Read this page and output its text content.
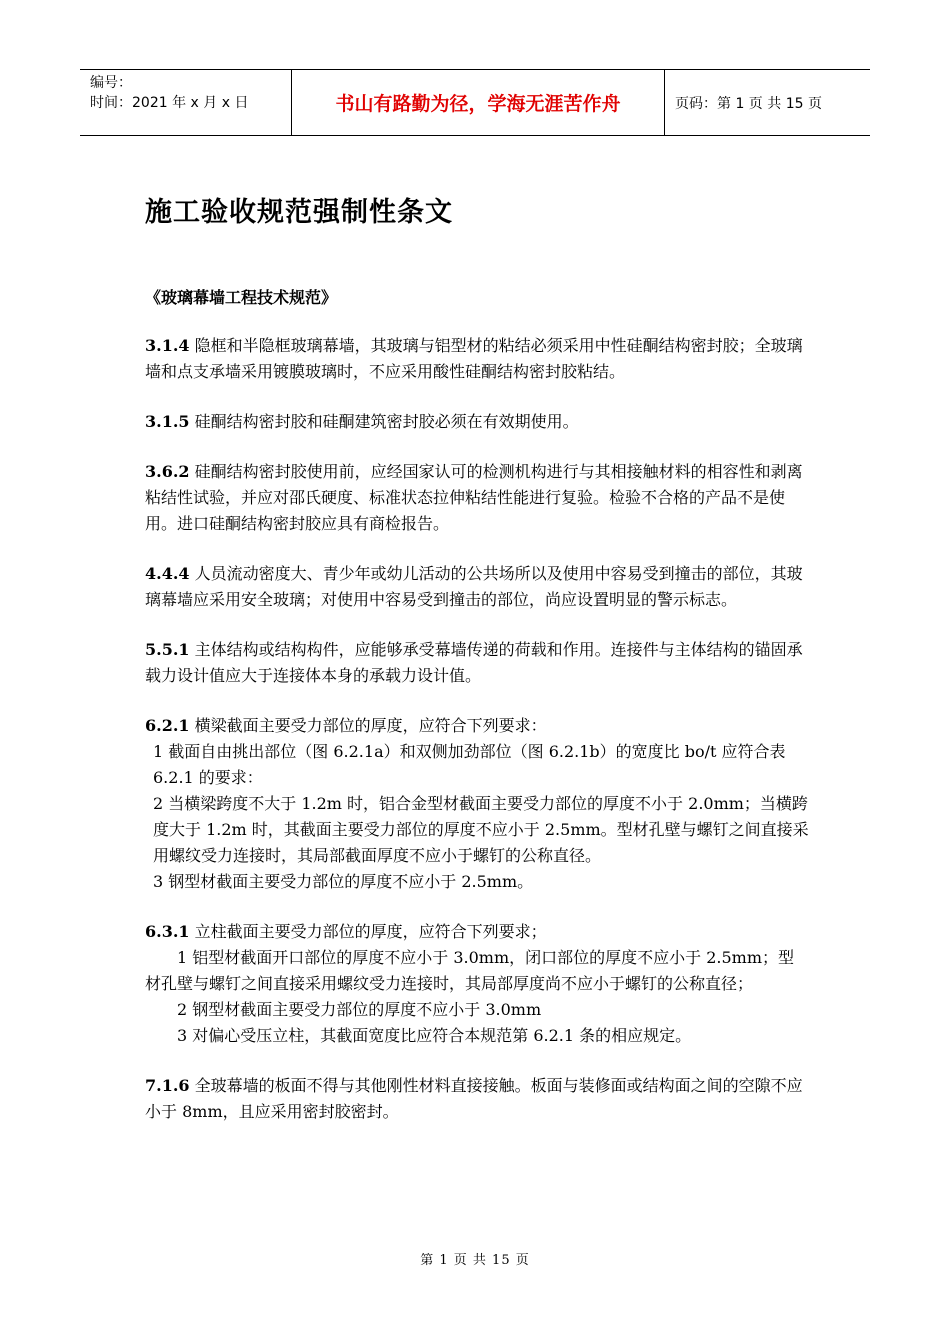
编号：
时间：2021 年 x 月 x 日	书山有路勤为径，学海无涯苦作舟	页码：第 1 页 共 15 页
施工验收规范强制性条文
《玻璃幕墙工程技术规范》
3.1.4 隐框和半隐框玻璃幕墙，其玻璃与铝型材的粘结必须采用中性硅酮结构密封胶；全玻璃墙和点支承墙采用镀膜玻璃时，不应采用酸性硅酮结构密封胶粘结。
3.1.5 硅酮结构密封胶和硅酮建筑密封胶必须在有效期使用。
3.6.2 硅酮结构密封胶使用前，应经国家认可的检测机构进行与其相接触材料的相容性和剥离粘结性试验，并应对邵氏硬度、标准状态拉伸粘结性能进行复验。检验不合格的产品不是使用。进口硅酮结构密封胶应具有商检报告。
4.4.4 人员流动密度大、青少年或幼儿活动的公共场所以及使用中容易受到撞击的部位，其玻璃幕墙应采用安全玻璃；对使用中容易受到撞击的部位，尚应设置明显的警示标志。
5.5.1 主体结构或结构构件，应能够承受幕墙传递的荷载和作用。连接件与主体结构的锚固承载力设计值应大于连接体本身的承载力设计值。
6.2.1 横梁截面主要受力部位的厚度，应符合下列要求：
1 截面自由挑出部位（图 6.2.1a）和双侧加劲部位（图 6.2.1b）的宽度比 bo/t 应符合表 6.2.1 的要求：
2 当横梁跨度不大于 1.2m 时，铝合金型材截面主要受力部位的厚度不小于 2.0mm；当横跨度大于 1.2m 时，其截面主要受力部位的厚度不应小于 2.5mm。型材孔壁与螺钉之间直接采用螺纹受力连接时，其局部截面厚度不应小于螺钉的公称直径。
3 钢型材截面主要受力部位的厚度不应小于 2.5mm。
6.3.1 立柱截面主要受力部位的厚度，应符合下列要求；
1 铝型材截面开口部位的厚度不应小于 3.0mm，闭口部位的厚度不应小于 2.5mm；型材孔壁与螺钉之间直接采用螺纹受力连接时，其局部厚度尚不应小于螺钉的公称直径；
2 钢型材截面主要受力部位的厚度不应小于 3.0mm
3 对偏心受压立柱，其截面宽度比应符合本规范第 6.2.1 条的相应规定。
7.1.6 全玻幕墙的板面不得与其他刚性材料直接接触。板面与装修面或结构面之间的空隙不应小于 8mm，且应采用密封胶密封。
第 1 页 共 15 页
